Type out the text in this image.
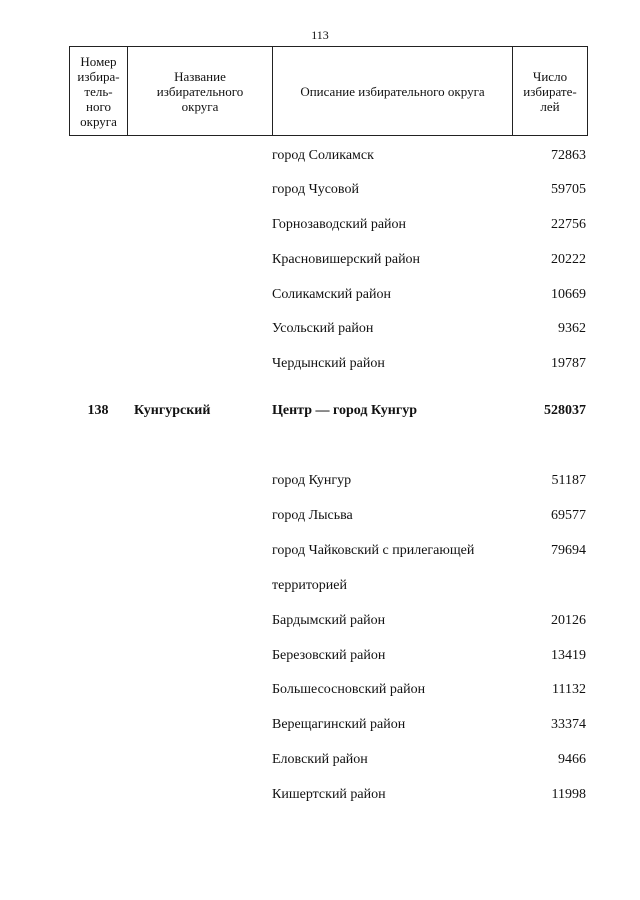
113
Номер избира-тель-ного округа	Название избирательного округа	Описание избирательного округа	Число избирате-лей
город Соликамск	72863
город Чусовой	59705
Горнозаводский район	22756
Красновишерский район	20222
Соликамский район	10669
Усольский район	9362
Чердынский район	19787
138	Кунгурский	Центр — город Кунгур	528037
город Кунгур	51187
город Лысьва	69577
город Чайковский с прилегающей	79694
территорией
Бардымский район	20126
Березовский район	13419
Большесосновский район	11132
Верещагинский район	33374
Еловский район	9466
Кишертский район	11998
